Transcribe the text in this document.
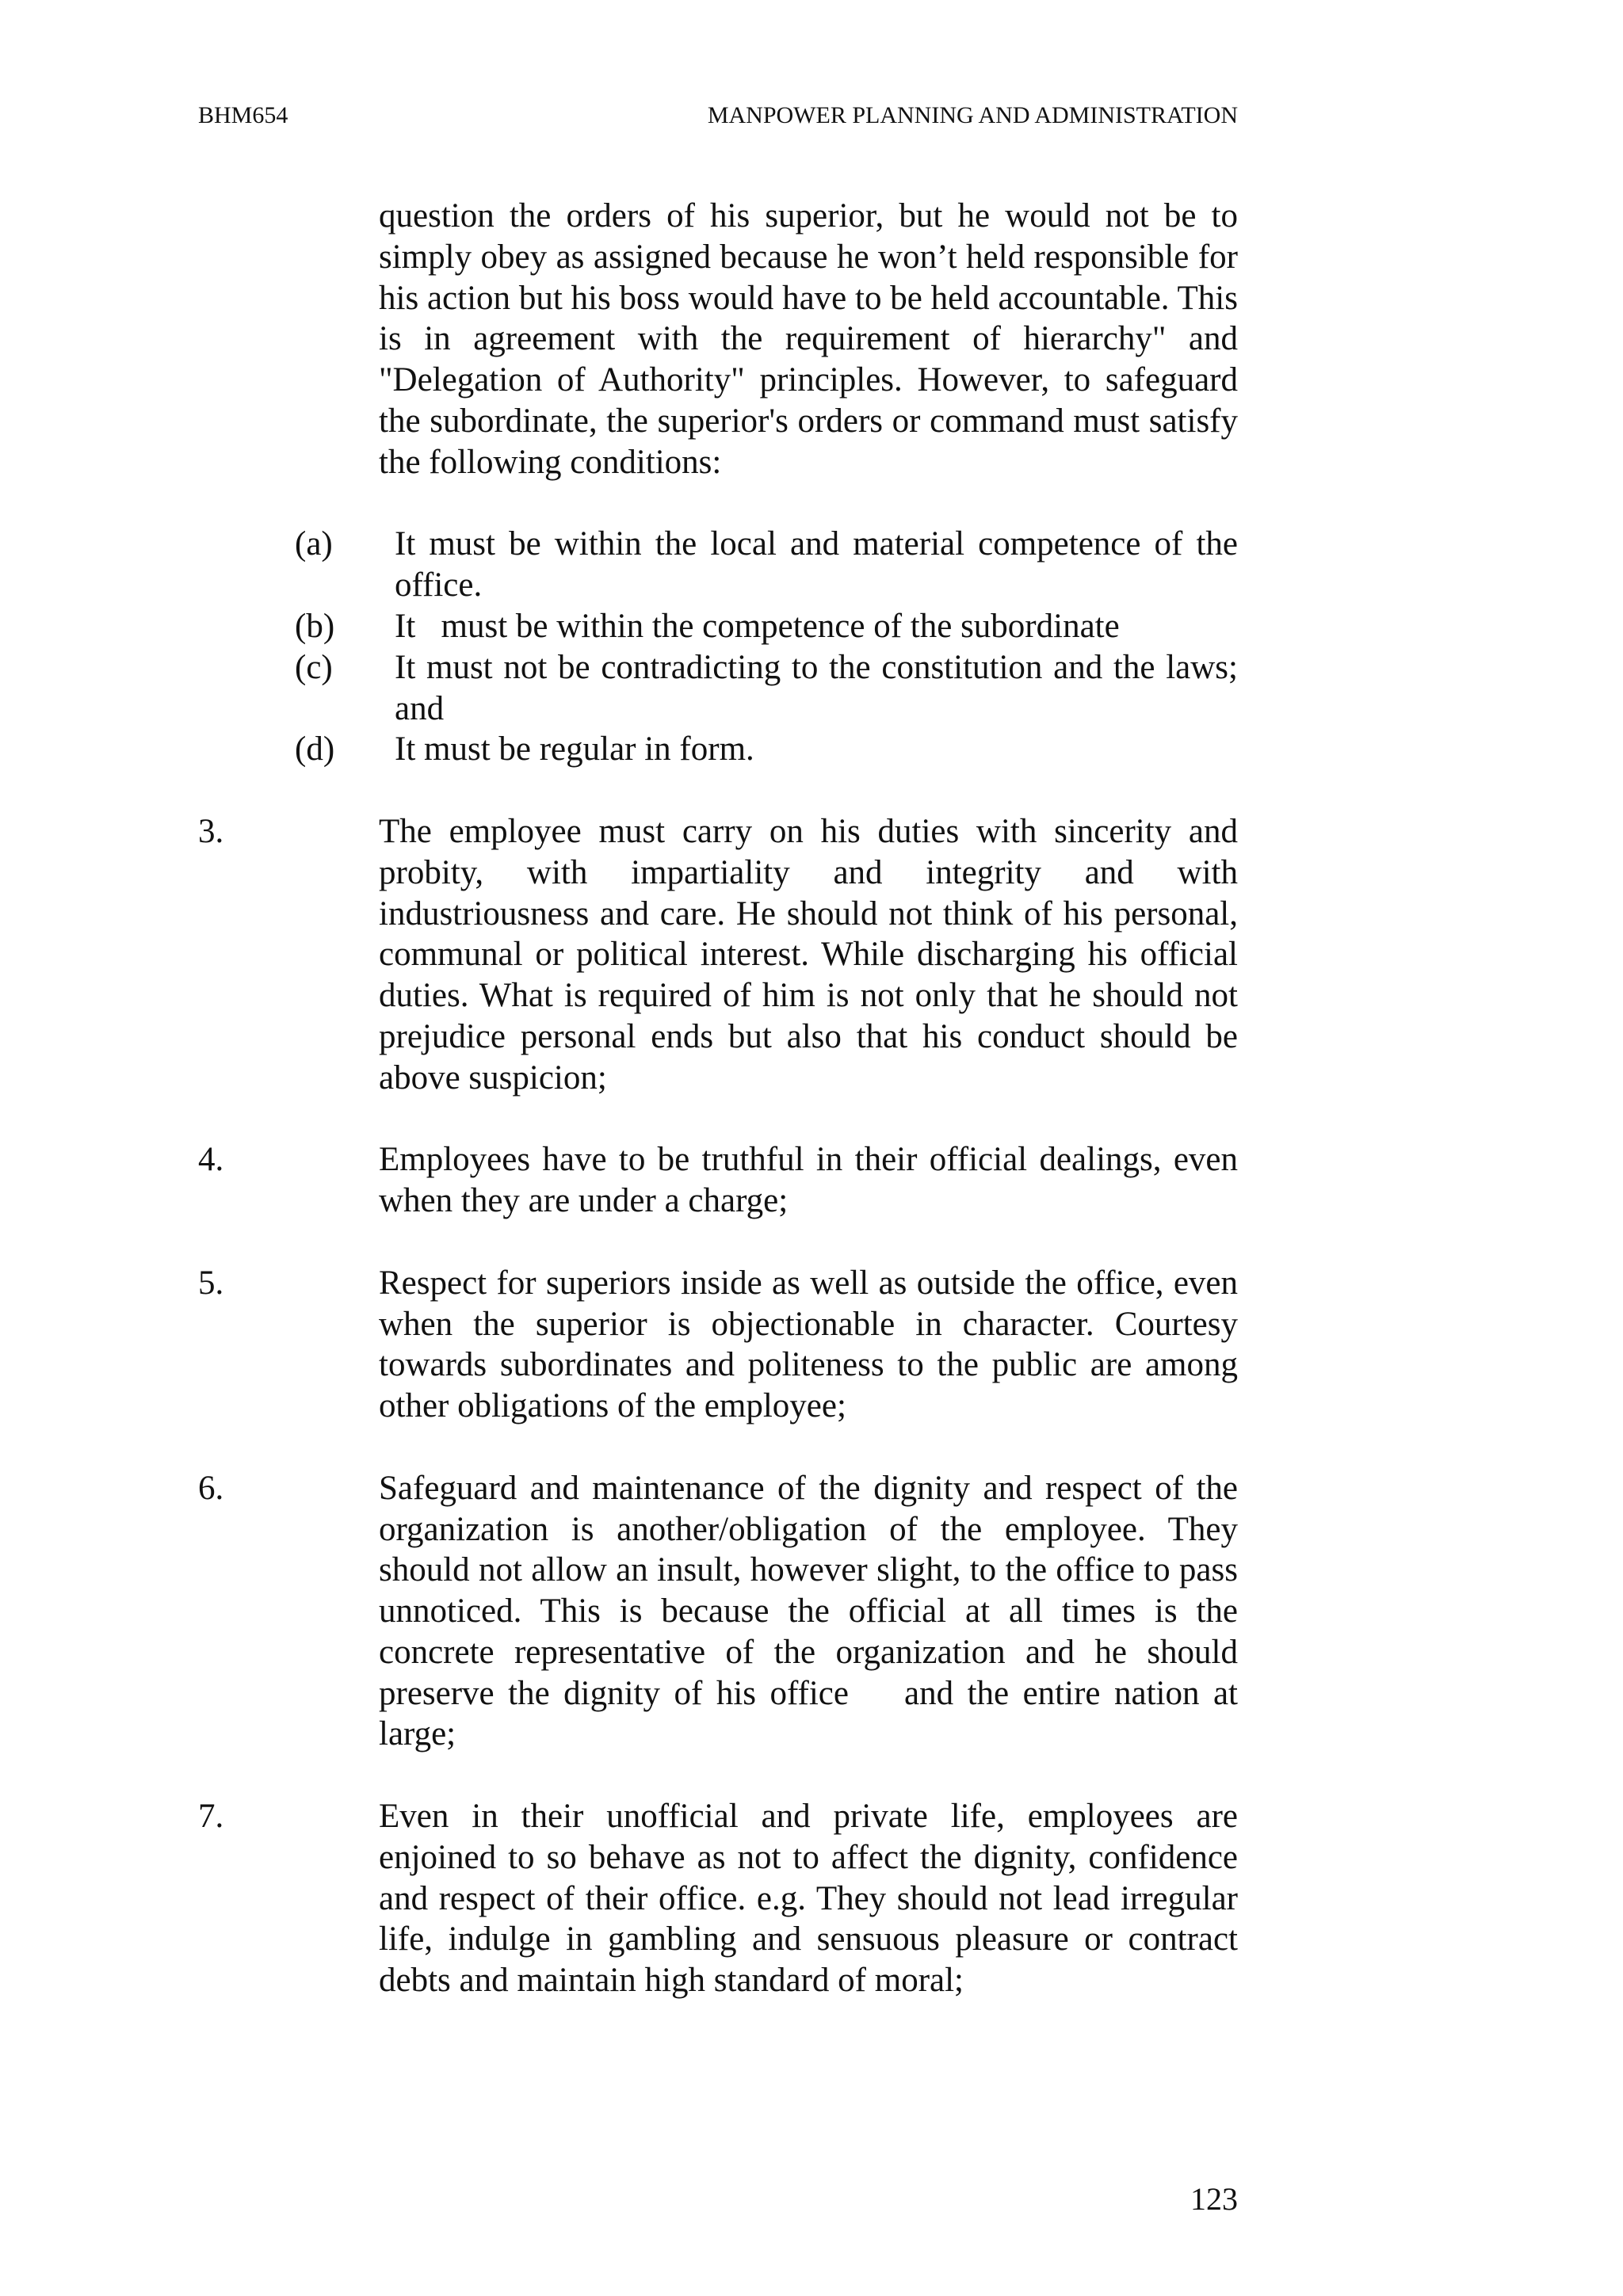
BHM654	MANPOWER PLANNING AND ADMINISTRATION

question the orders of his superior, but he would not be to simply obey as assigned because he won’t held responsible for his action but his boss would have to be held accountable. This is in agreement with the requirement of hierarchy" and "Delegation of Authority" principles. However, to safeguard the subordinate, the superior's orders or command must satisfy the following conditions:

(a)	It must be within the local and material competence of the office.
(b)	It   must be within the competence of the subordinate
(c)	It must not be contradicting to the constitution and the laws; and
(d)	It must be regular in form.
3.	The employee must carry on his duties with sincerity and probity, with impartiality and integrity and with industriousness and care. He should not think of his personal, communal or political interest. While discharging his official duties. What is required of him is not only that he should not prejudice personal ends but also that his conduct should be above suspicion;
4.	Employees have to be truthful in their official dealings, even when they are under a charge;
5.	Respect for superiors inside as well as outside the office, even when the superior is objectionable in character. Courtesy towards subordinates and politeness to the public are among other obligations of the employee;
6.	Safeguard and maintenance of the dignity and respect of the organization is another/obligation of the employee. They should not allow an insult, however slight, to the office to pass unnoticed. This is because the official at all times is the concrete representative of the organization and he should preserve the dignity of his office    and the entire nation at large;
7.	Even in their unofficial and private life, employees are enjoined to so behave as not to affect the dignity, confidence and respect of their office. e.g. They should not lead irregular life, indulge in gambling and sensuous pleasure or contract debts and maintain high standard of moral;
123
